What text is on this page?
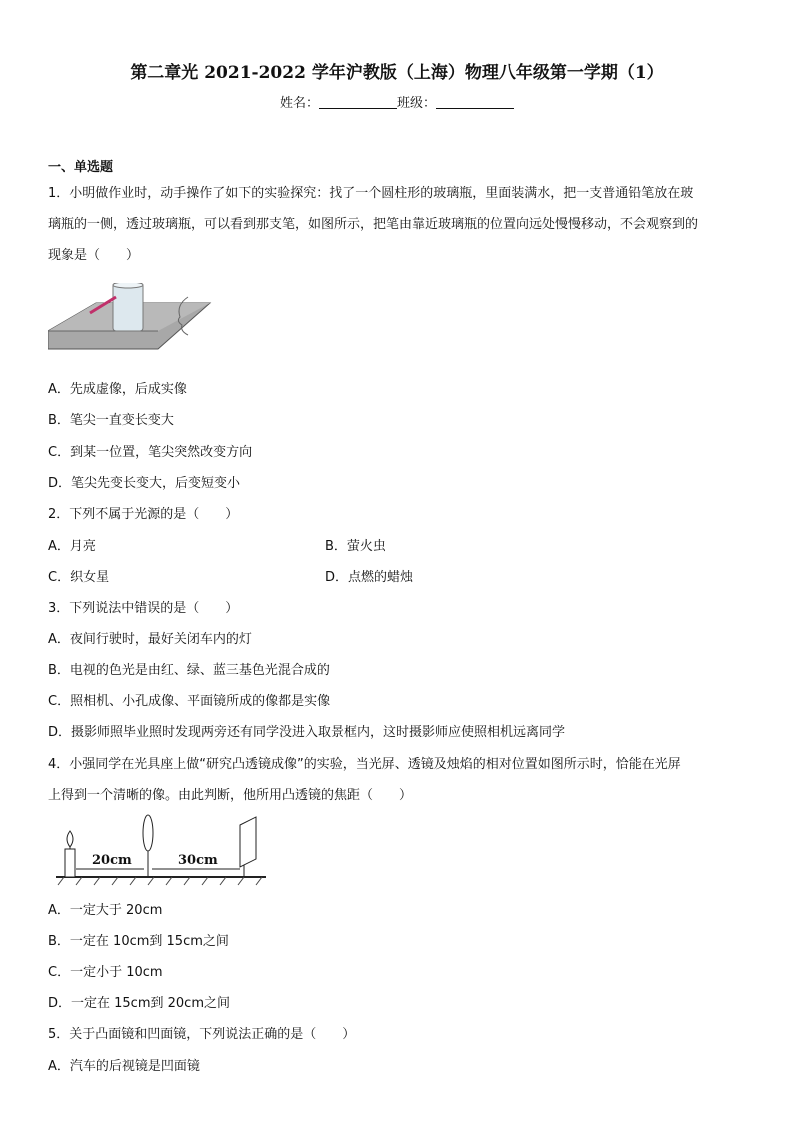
第二章光 2021-2022 学年沪教版（上海）物理八年级第一学期（1）
姓名：	班级：
一、单选题
1．小明做作业时，动手操作了如下的实验探究：找了一个圆柱形的玻璃瓶，里面装满水，把一支普通铅笔放在玻
璃瓶的一侧，透过玻璃瓶，可以看到那支笔，如图所示，把笔由靠近玻璃瓶的位置向远处慢慢移动，不会观察到的
现象是（　　）
A．先成虚像，后成实像
B．笔尖一直变长变大
C．到某一位置，笔尖突然改变方向
D．笔尖先变长变大，后变短变小
2．下列不属于光源的是（　　）
A．月亮	B．萤火虫
C．织女星	D．点燃的蜡烛
3．下列说法中错误的是（　　）
A．夜间行驶时，最好关闭车内的灯
B．电视的色光是由红、绿、蓝三基色光混合成的
C．照相机、小孔成像、平面镜所成的像都是实像
D．摄影师照毕业照时发现两旁还有同学没进入取景框内，这时摄影师应使照相机远离同学
4．小强同学在光具座上做“研究凸透镜成像”的实验，当光屏、透镜及烛焰的相对位置如图所示时，恰能在光屏
上得到一个清晰的像。由此判断，他所用凸透镜的焦距（　　）
20cm	30cm
A．一定大于 20cm
B．一定在 10cm到 15cm之间
C．一定小于 10cm
D．一定在 15cm到 20cm之间
5．关于凸面镜和凹面镜，下列说法正确的是（　　）
A．汽车的后视镜是凹面镜
